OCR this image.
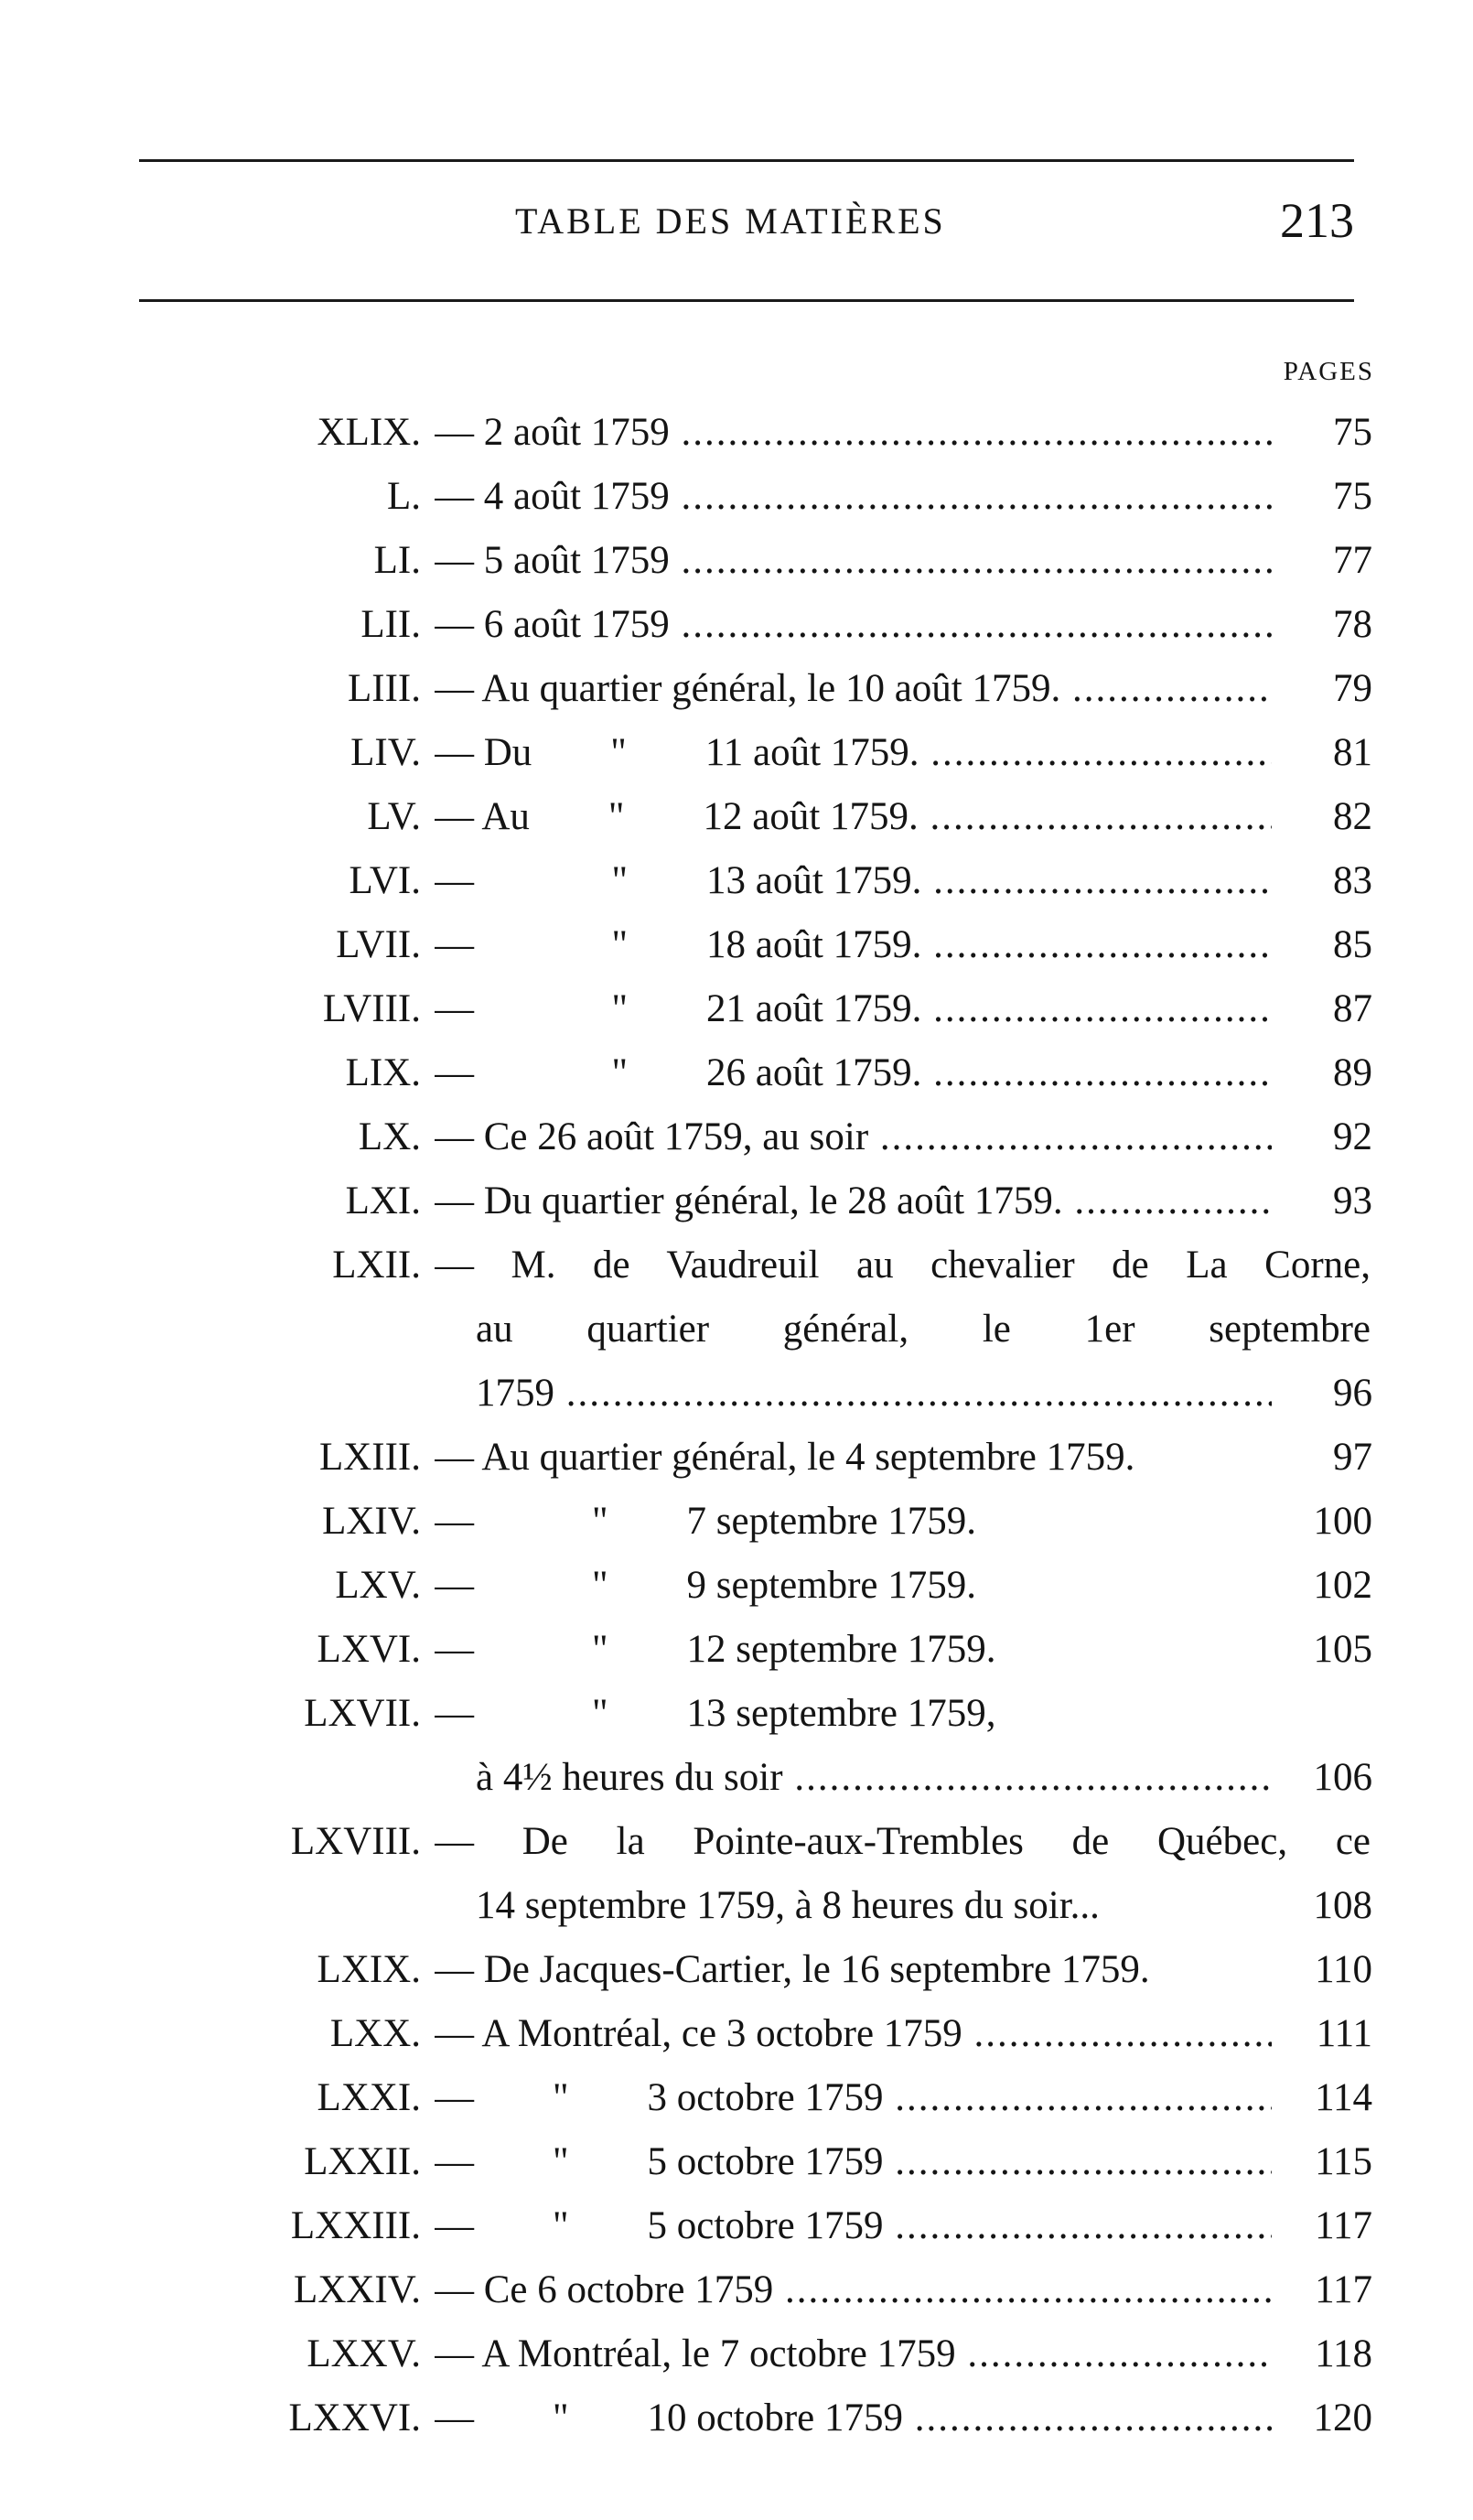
TABLE DES MATIÈRES	213
PAGES
XLIX. — 2 août 1759 .....	75
L. — 4 août 1759 .....	75
LI. — 5 août 1759 .....	77
LII. — 6 août 1759 .....	78
LIII. — Au quartier général, le 10 août 1759. .....	79
LIV. — Du        "        11 août 1759. .....	81
LV. — Au        "        12 août 1759. .....	82
LVI. —              "        13 août 1759. .....	83
LVII. —              "        18 août 1759. .....	85
LVIII. —              "        21 août 1759. .....	87
LIX. —              "        26 août 1759. .....	89
LX. — Ce 26 août 1759, au soir .....	92
LXI. — Du quartier général, le 28 août 1759. .....	93
LXII. — M. de Vaudreuil au chevalier de La Corne,
au quartier général, le 1er septembre
1759 .....	96
LXIII. — Au quartier général, le 4 septembre 1759.	97
LXIV. —            "        7 septembre 1759.	100
LXV. —            "        9 septembre 1759.	102
LXVI. —            "        12 septembre 1759.	105
LXVII. —            "        13 septembre 1759,
à 4½ heures du soir .....	106
LXVIII. — De la Pointe-aux-Trembles de Québec, ce
14 septembre 1759, à 8 heures du soir...	108
LXIX. — De Jacques-Cartier, le 16 septembre 1759.	110
LXX. — A Montréal, ce 3 octobre 1759 .....	111
LXXI. —        "        3 octobre 1759 .....	114
LXXII. —        "        5 octobre 1759 .....	115
LXXIII. —        "        5 octobre 1759 .....	117
LXXIV. — Ce 6 octobre 1759 .....	117
LXXV. — A Montréal, le 7 octobre 1759 .....	118
LXXVI. —        "        10 octobre 1759 .....	120
